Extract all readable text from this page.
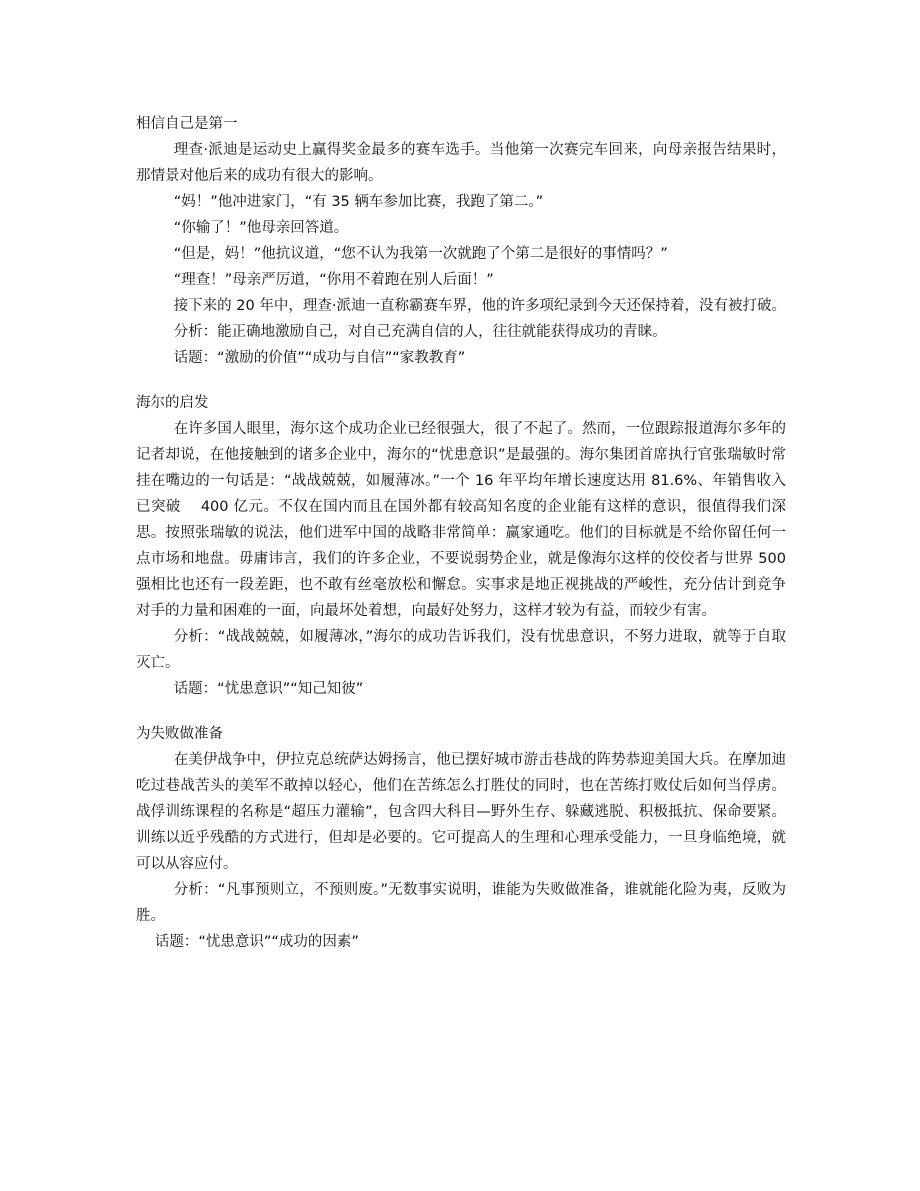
相信自己是第一

理查·派迪是运动史上赢得奖金最多的赛车选手。当他第一次赛完车回来，向母亲报告结果时，那情景对他后来的成功有很大的影响。

“妈！”他冲进家门，“有 35 辆车参加比赛，我跑了第二。”

“你输了！”他母亲回答道。

“但是，妈！”他抗议道，“您不认为我第一次就跑了个第二是很好的事情吗？”

“理查！”母亲严厉道，“你用不着跑在别人后面！”

接下来的 20 年中，理查·派迪一直称霸赛车界，他的许多项纪录到今天还保持着，没有被打破。

分析：能正确地激励自己，对自己充满自信的人，往往就能获得成功的青睐。

话题：“激励的价值”“成功与自信”“家教教育”

海尔的启发

在许多国人眼里，海尔这个成功企业已经很强大，很了不起了。然而，一位跟踪报道海尔多年的记者却说，在他接触到的诸多企业中，海尔的“忧患意识”是最强的。海尔集团首席执行官张瑞敏时常挂在嘴边的一句话是：“战战兢兢，如履薄冰。”一个 16 年平均年增长速度达用 81.6%、年销售收入已突破　 400 亿元。不仅在国内而且在国外都有较高知名度的企业能有这样的意识，很值得我们深思。按照张瑞敏的说法，他们进军中国的战略非常简单：赢家通吃。他们的目标就是不给你留任何一点市场和地盘。毋庸讳言，我们的许多企业，不要说弱势企业，就是像海尔这样的佼佼者与世界 500 强相比也还有一段差距，也不敢有丝毫放松和懈怠。实事求是地正视挑战的严峻性，充分估计到竞争对手的力量和困难的一面，向最坏处着想，向最好处努力，这样才较为有益，而较少有害。

分析：“战战兢兢，如履薄冰，”海尔的成功告诉我们，没有忧患意识，不努力进取，就等于自取灭亡。

话题：“忧患意识”“知己知彼”

为失败做准备

在美伊战争中，伊拉克总统萨达姆扬言，他已摆好城市游击巷战的阵势恭迎美国大兵。在摩加迪吃过巷战苦头的美军不敢掉以轻心，他们在苦练怎么打胜仗的同时，也在苦练打败仗后如何当俘虏。战俘训练课程的名称是“超压力灌输”，包含四大科目—野外生存、躲藏逃脱、积极抵抗、保命要紧。训练以近乎残酷的方式进行，但却是必要的。它可提高人的生理和心理承受能力，一旦身临绝境，就可以从容应付。

分析：“凡事预则立，不预则废。”无数事实说明，谁能为失败做准备，谁就能化险为夷，反败为胜。

话题：“忧患意识”“成功的因素”
